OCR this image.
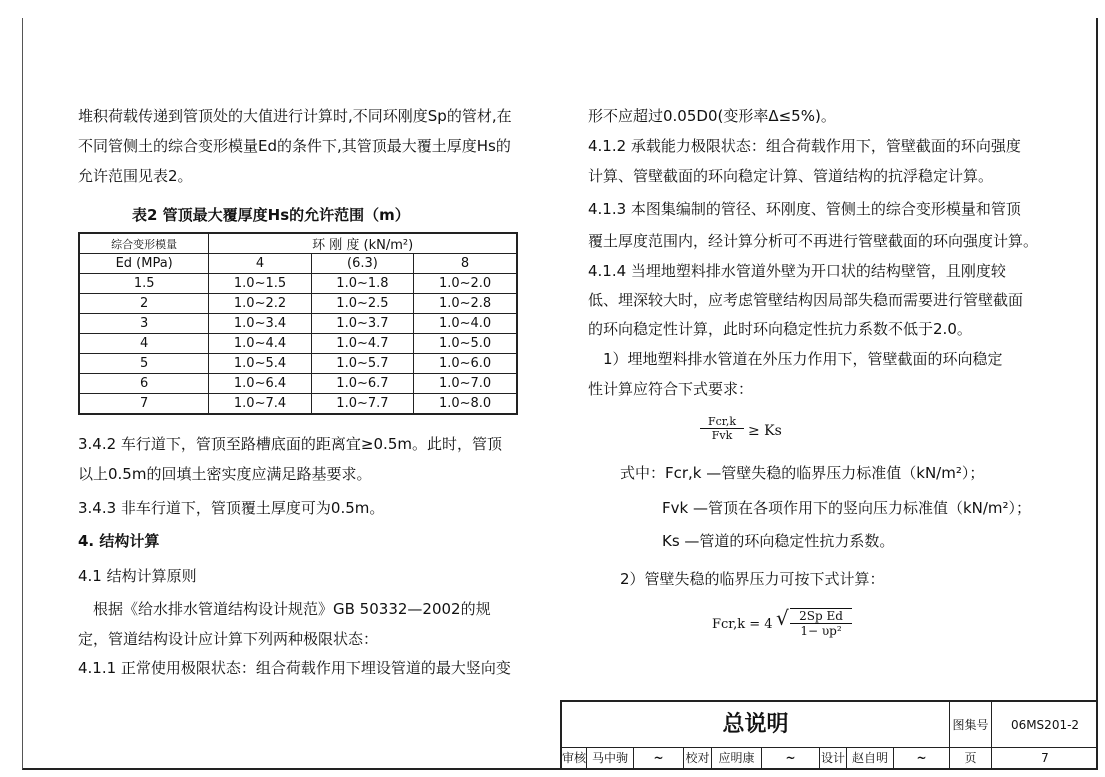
堆积荷载传递到管顶处的大值进行计算时,不同环刚度Sp的管材,在
不同管侧土的综合变形模量Ed的条件下,其管顶最大覆土厚度Hs的
允许范围见表2。
表2 管顶最大覆厚度Hs的允许范围（m）
综合变形模量	环 刚 度 (kN/m²)		
Ed (MPa)	4	(6.3)	8
1.5	1.0~1.5	1.0~1.8	1.0~2.0
2	1.0~2.2	1.0~2.5	1.0~2.8
3	1.0~3.4	1.0~3.7	1.0~4.0
4	1.0~4.4	1.0~4.7	1.0~5.0
5	1.0~5.4	1.0~5.7	1.0~6.0
6	1.0~6.4	1.0~6.7	1.0~7.0
7	1.0~7.4	1.0~7.7	1.0~8.0
3.4.2 车行道下，管顶至路槽底面的距离宜≥0.5m。此时，管顶
以上0.5m的回填土密实度应满足路基要求。
3.4.3 非车行道下，管顶覆土厚度可为0.5m。
4. 结构计算
4.1 结构计算原则
　根据《给水排水管道结构设计规范》GB 50332—2002的规
定，管道结构设计应计算下列两种极限状态：
4.1.1 正常使用极限状态：组合荷载作用下埋设管道的最大竖向变
形不应超过0.05D0(变形率Δ≤5%)。
4.1.2 承载能力极限状态：组合荷载作用下，管壁截面的环向强度
计算、管壁截面的环向稳定计算、管道结构的抗浮稳定计算。
4.1.3 本图集编制的管径、环刚度、管侧土的综合变形模量和管顶
覆土厚度范围内，经计算分析可不再进行管壁截面的环向强度计算。
4.1.4 当埋地塑料排水管道外壁为开口状的结构壁管，且刚度较
低、埋深较大时，应考虑管壁结构因局部失稳而需要进行管壁截面
的环向稳定性计算，此时环向稳定性抗力系数不低于2.0。
　1）埋地塑料排水管道在外压力作用下，管壁截面的环向稳定
性计算应符合下式要求：
Fcr,k
Fvk	≥ Ks
式中：Fcr,k —管壁失稳的临界压力标准值（kN/m²）；
Fvk —管顶在各项作用下的竖向压力标准值（kN/m²）；
Ks —管道的环向稳定性抗力系数。
2）管壁失稳的临界压力可按下式计算：
Fcr,k = 4 √ $\frac{\text{2Sp Ed}}{\text{1− υp²}}$
总说明	图集号	06MS201-2
审核 马中驹	~	校对 应明康	~	设计 赵自明	~	页	7
